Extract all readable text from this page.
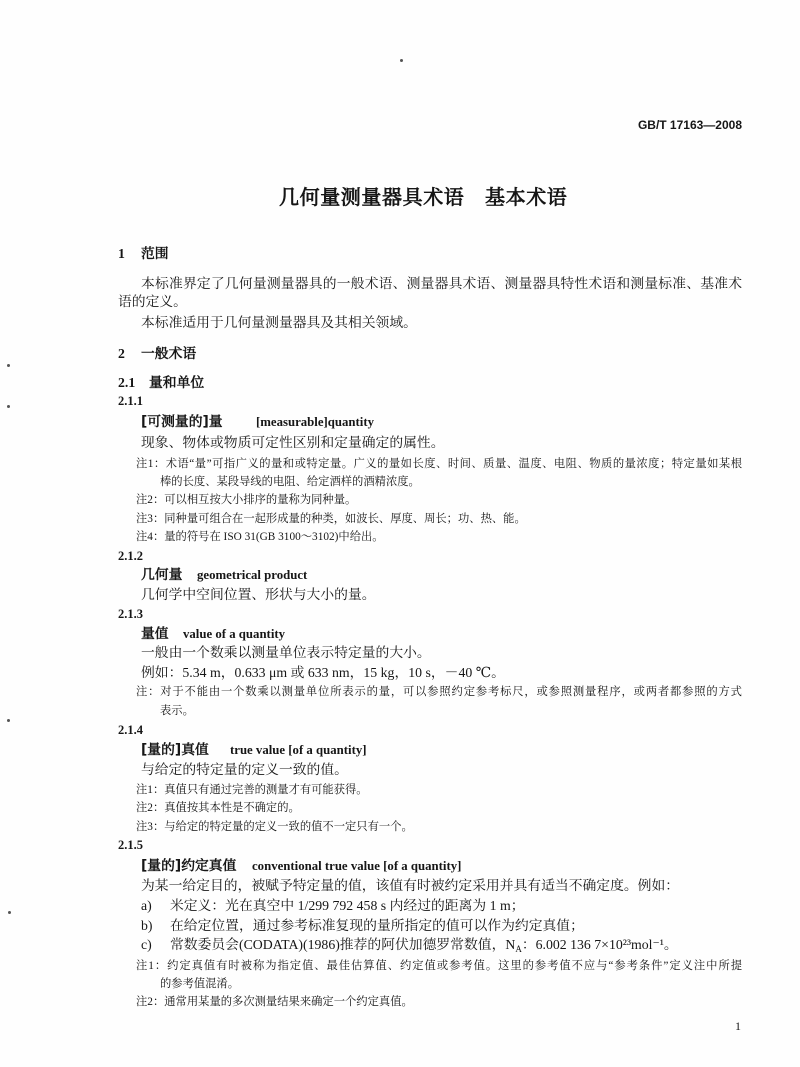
GB/T 17163—2008
几何量测量器具术语　基本术语
1 范围
本标准界定了几何量测量器具的一般术语、测量器具术语、测量器具特性术语和测量标准、基准术
语的定义。
本标准适用于几何量测量器具及其相关领域。
2 一般术语
2.1 量和单位
2.1.1
[可测量的]量	[measurable]quantity
现象、物体或物质可定性区别和定量确定的属性。
注1：术语“量”可指广义的量和或特定量。广义的量如长度、时间、质量、温度、电阻、物质的量浓度；特定量如某根
棒的长度、某段导线的电阻、给定酒样的酒精浓度。
注2：可以相互按大小排序的量称为同种量。
注3：同种量可组合在一起形成量的种类，如波长、厚度、周长；功、热、能。
注4：量的符号在 ISO 31(GB 3100～3102)中给出。
2.1.2
几何量 geometrical product
几何学中空间位置、形状与大小的量。
2.1.3
量值 value of a quantity
一般由一个数乘以测量单位表示特定量的大小。
例如：5.34 m，0.633 μm 或 633 nm，15 kg，10 s，－40 ℃。
注：对于不能由一个数乘以测量单位所表示的量，可以参照约定参考标尺，或参照测量程序，或两者都参照的方式
表示。
2.1.4
[量的]真值 true value [of a quantity]
与给定的特定量的定义一致的值。
注1：真值只有通过完善的测量才有可能获得。
注2：真值按其本性是不确定的。
注3：与给定的特定量的定义一致的值不一定只有一个。
2.1.5
[量的]约定真值 conventional true value [of a quantity]
为某一给定目的，被赋予特定量的值，该值有时被约定采用并具有适当不确定度。例如：
a) 米定义：光在真空中 1/299 792 458 s 内经过的距离为 1 m；
b) 在给定位置，通过参考标准复现的量所指定的值可以作为约定真值；
c) 常数委员会(CODATA)(1986)推荐的阿伏加德罗常数值，$N_A$：6.002 136 7×10²³mol⁻¹。
注1：约定真值有时被称为指定值、最佳估算值、约定值或参考值。这里的参考值不应与“参考条件”定义注中所提
的参考值混淆。
注2：通常用某量的多次测量结果来确定一个约定真值。
1
